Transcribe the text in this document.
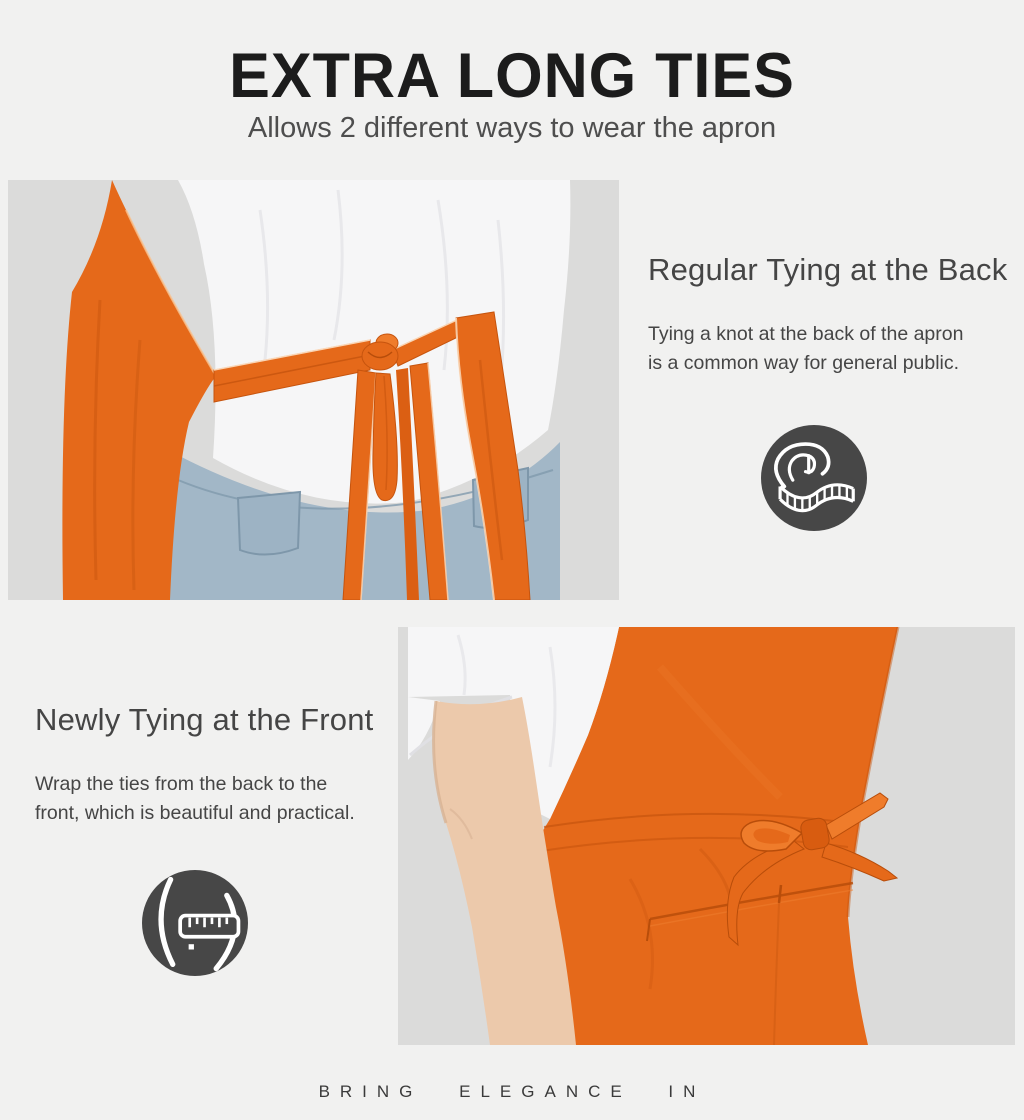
EXTRA LONG TIES

Allows 2 different ways to wear the apron

Regular Tying at the Back
Tying a knot at the back of the apron
is a common way for general public.
Newly Tying at the Front
Wrap the ties from the back to the
front, which is beautiful and practical.
BRING ELEGANCE IN
